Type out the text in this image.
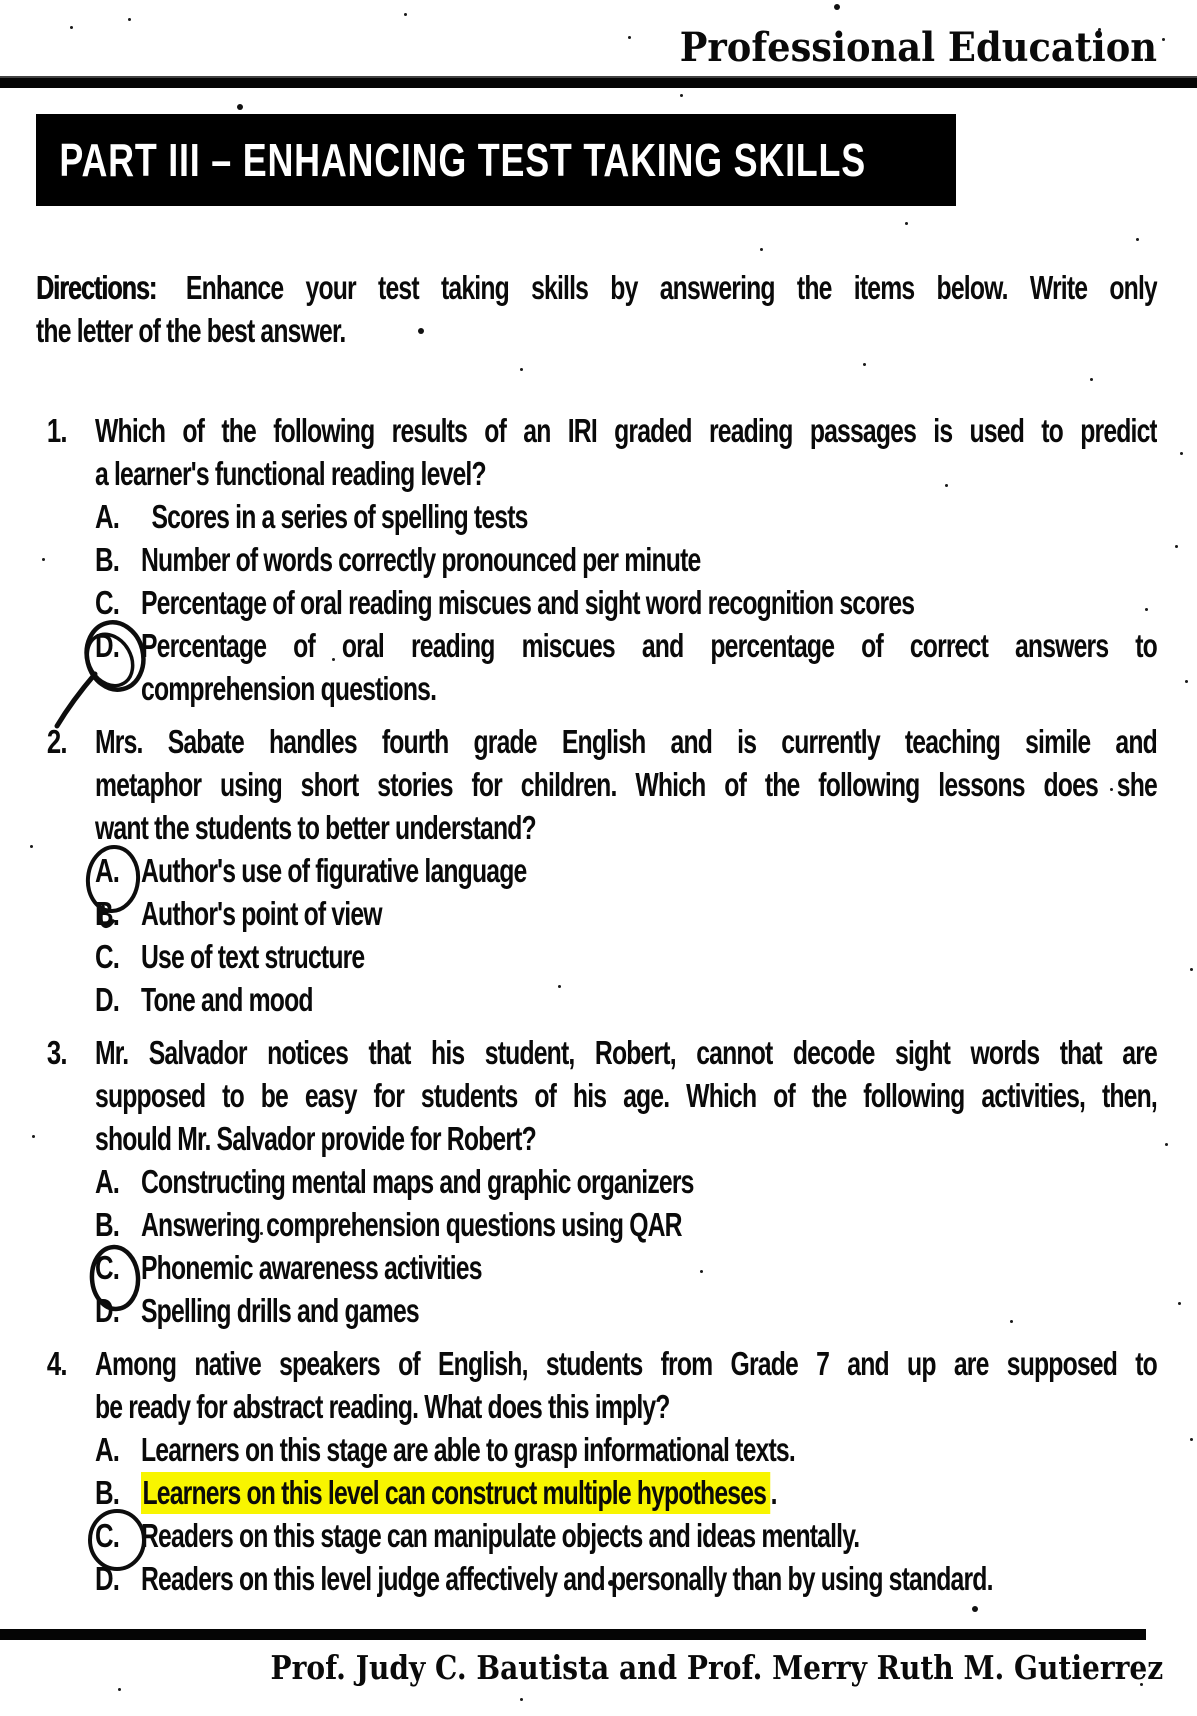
Professional Education
PART III – ENHANCING TEST TAKING SKILLS
Directions: Enhance your test taking skills by answering the items below. Write only
the letter of the best answer.
1. Which of the following results of an IRI graded reading passages is used to predict
a learner's functional reading level?
A. Scores in a series of spelling tests
B. Number of words correctly pronounced per minute
C. Percentage of oral reading miscues and sight word recognition scores
D. Percentage of oral reading miscues and percentage of correct answers to
comprehension questions.
2. Mrs. Sabate handles fourth grade English and is currently teaching simile and
metaphor using short stories for children. Which of the following lessons does she
want the students to better understand?
A. Author's use of figurative language
B. Author's point of view
C. Use of text structure
D. Tone and mood
3. Mr. Salvador notices that his student, Robert, cannot decode sight words that are
supposed to be easy for students of his age. Which of the following activities, then,
should Mr. Salvador provide for Robert?
A. Constructing mental maps and graphic organizers
B. Answering comprehension questions using QAR
C. Phonemic awareness activities
D. Spelling drills and games
4. Among native speakers of English, students from Grade 7 and up are supposed to
be ready for abstract reading. What does this imply?
A. Learners on this stage are able to grasp informational texts.
B. Learners on this level can construct multiple hypotheses .
C. Readers on this stage can manipulate objects and ideas mentally.
D. Readers on this level judge affectively and personally than by using standard.
Prof. Judy C. Bautista and Prof. Merry Ruth M. Gutierrez
